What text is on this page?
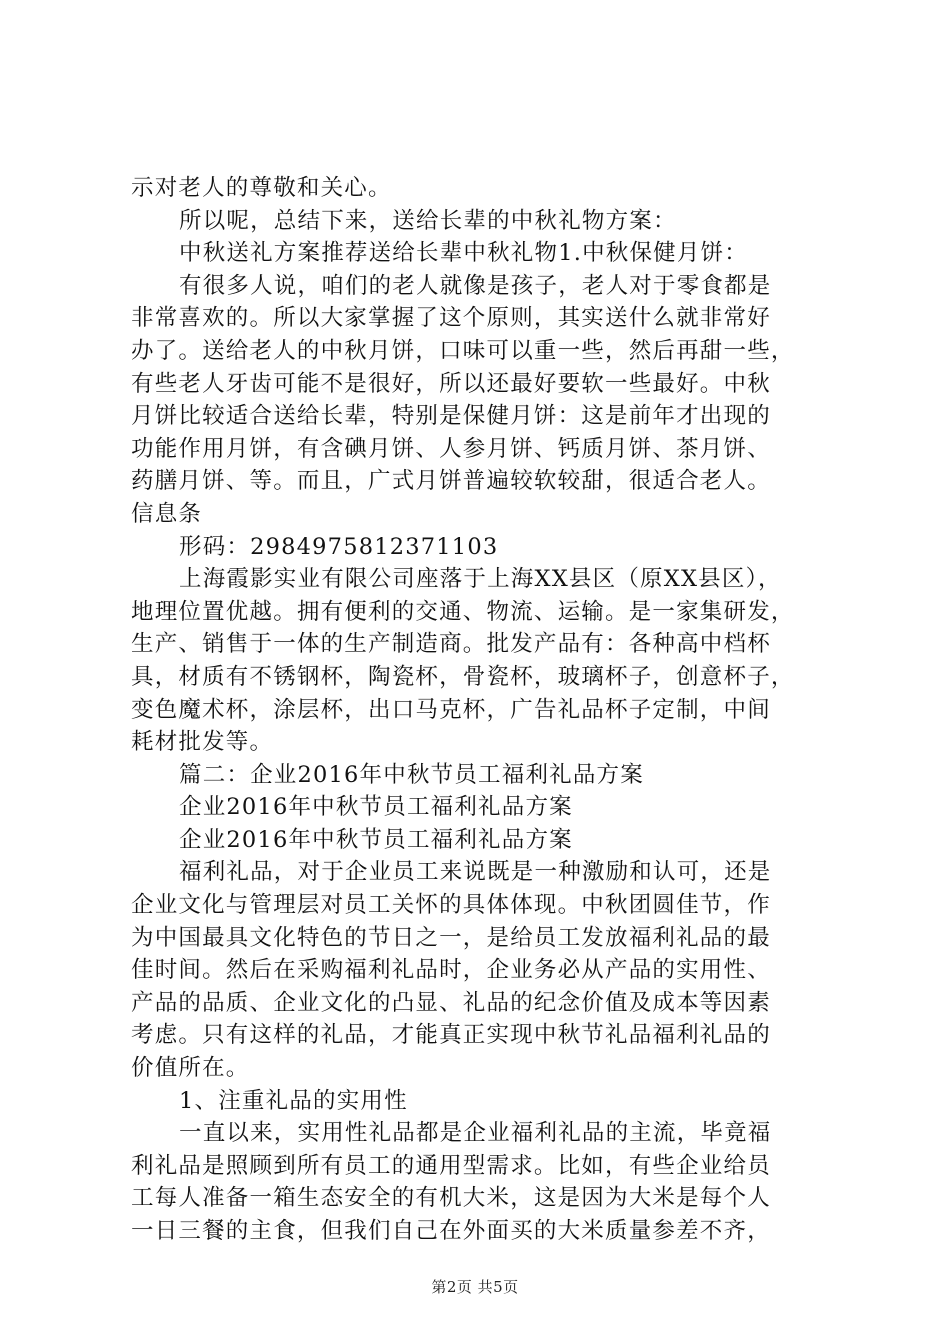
示对老人的尊敬和关心。
所以呢，总结下来，送给长辈的中秋礼物方案：
中秋送礼方案推荐送给长辈中秋礼物1.中秋保健月饼：
有很多人说，咱们的老人就像是孩子，老人对于零食都是
非常喜欢的。所以大家掌握了这个原则，其实送什么就非常好
办了。送给老人的中秋月饼，口味可以重一些，然后再甜一些，
有些老人牙齿可能不是很好，所以还最好要软一些最好。中秋
月饼比较适合送给长辈，特别是保健月饼：这是前年才出现的
功能作用月饼，有含碘月饼、人参月饼、钙质月饼、茶月饼、
药膳月饼、等。而且，广式月饼普遍较软较甜，很适合老人。
信息条
形码：2984975812371103
上海霞影实业有限公司座落于上海XX县区（原XX县区），
地理位置优越。拥有便利的交通、物流、运输。是一家集研发，
生产、销售于一体的生产制造商。批发产品有：各种高中档杯
具，材质有不锈钢杯，陶瓷杯，骨瓷杯，玻璃杯子，创意杯子，
变色魔术杯，涂层杯，出口马克杯，广告礼品杯子定制，中间
耗材批发等。
篇二：企业2016年中秋节员工福利礼品方案
企业2016年中秋节员工福利礼品方案
企业2016年中秋节员工福利礼品方案
福利礼品，对于企业员工来说既是一种激励和认可，还是
企业文化与管理层对员工关怀的具体体现。中秋团圆佳节，作
为中国最具文化特色的节日之一，是给员工发放福利礼品的最
佳时间。然后在采购福利礼品时，企业务必从产品的实用性、
产品的品质、企业文化的凸显、礼品的纪念价值及成本等因素
考虑。只有这样的礼品，才能真正实现中秋节礼品福利礼品的
价值所在。
1、注重礼品的实用性
一直以来，实用性礼品都是企业福利礼品的主流，毕竟福
利礼品是照顾到所有员工的通用型需求。比如，有些企业给员
工每人准备一箱生态安全的有机大米，这是因为大米是每个人
一日三餐的主食，但我们自己在外面买的大米质量参差不齐，
第2页 共5页
